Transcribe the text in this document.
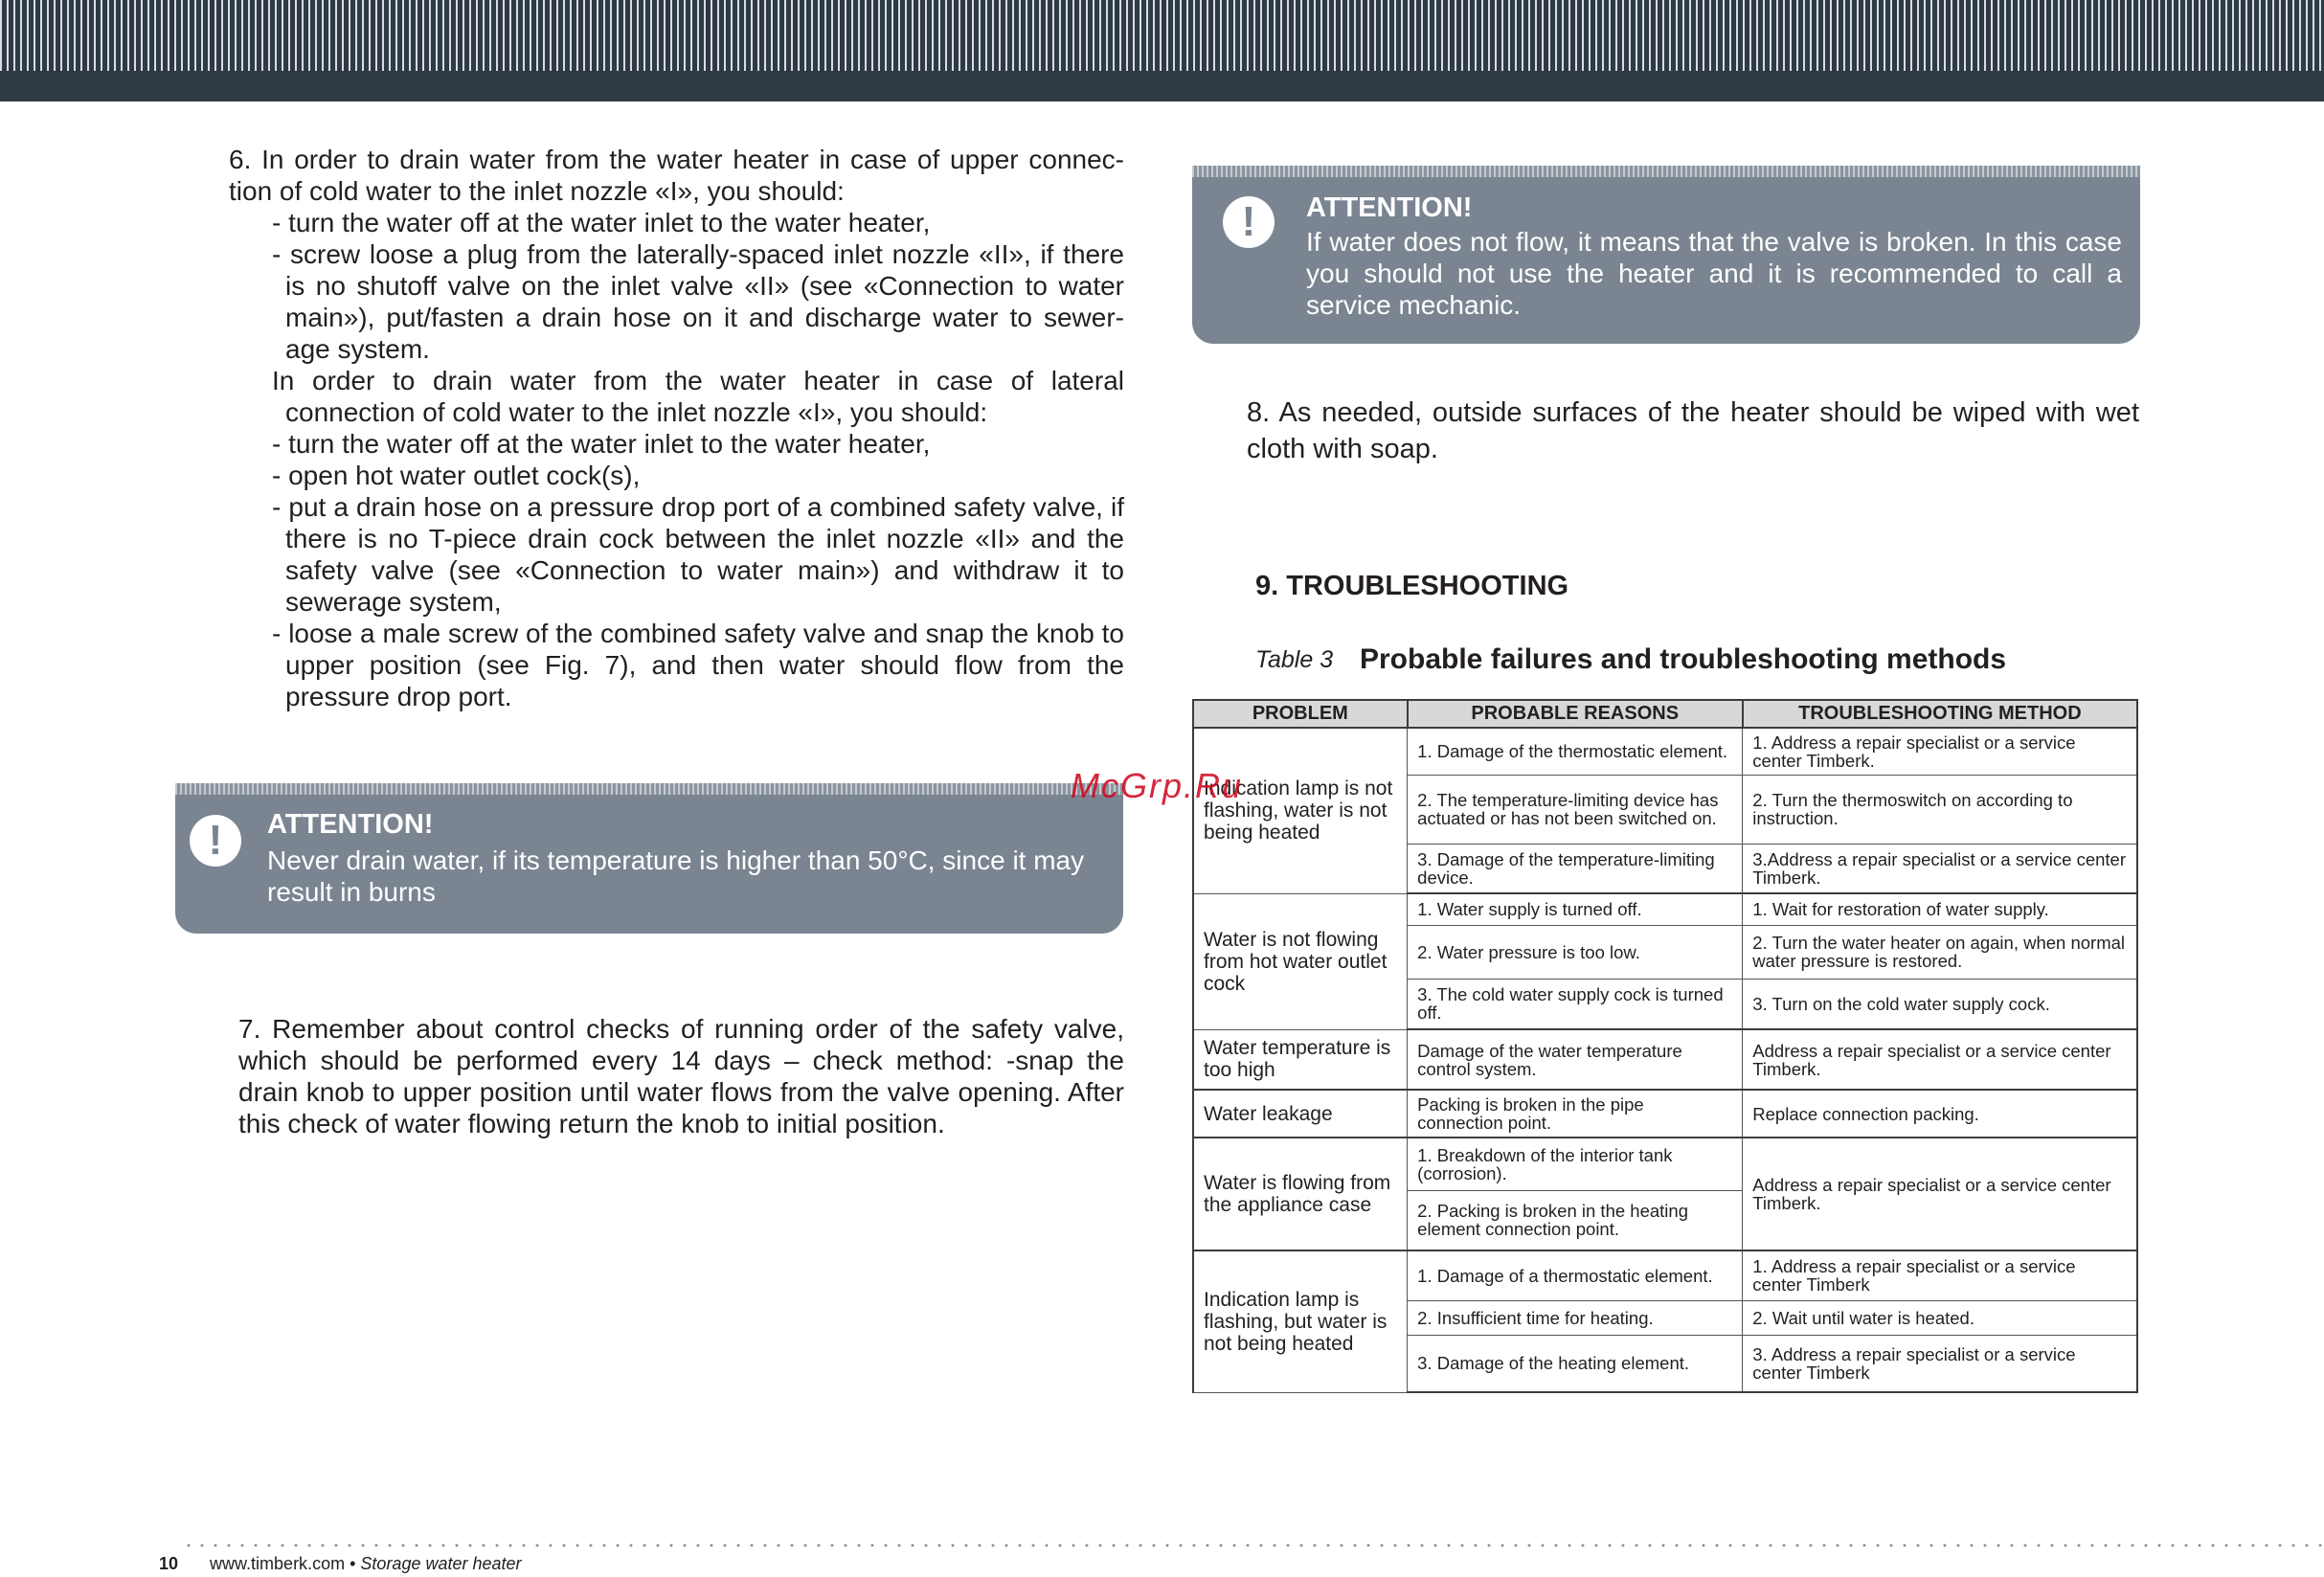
6. In order to drain water from the water heater in case of upper connec- tion of cold water to the inlet nozzle «I», you should:

- turn the water off at the water inlet to the water heater,

- screw loose a plug from the laterally-spaced inlet nozzle «II», if there is no shutoff valve on the inlet valve «II» (see «Connection to water main»), put/fasten a drain hose on it and discharge water to sewer- age system.

In order to drain water from the water heater in case of lateral connection of cold water to the inlet nozzle «I», you should:

- turn the water off at the water inlet to the water heater,

- open hot water outlet cock(s),

- put a drain hose on a pressure drop port of a combined safety valve, if there is no T-piece drain cock between the inlet nozzle «II» and the safety valve (see «Connection to water main») and withdraw it to sewerage system,

- loose a male screw of the combined safety valve and snap the knob to upper position (see Fig. 7), and then water should flow from the pressure drop port.

!	ATTENTION!
Never drain water, if its temperature is higher than 50°C, since it may result in burns

7. Remember about control checks of running order of the safety valve, which should be performed every 14 days – check method: -snap the drain knob to upper position until water flows from the valve opening. After this check of water flowing return the knob to initial position.

!	ATTENTION!
If water does not flow, it means that the valve is broken. In this case you should not use the heater and it is recommended to call a service mechanic.

8. As needed, outside surfaces of the heater should be wiped with wet cloth with soap.

9. TROUBLESHOOTING
Table 3 Probable failures and troubleshooting methods
PROBLEM	PROBABLE REASONS	TROUBLESHOOTING METHOD
Indication lamp is not flashing, water is not being heated	1. Damage of the thermostatic element.	1. Address a repair specialist or a service center Timberk.
	2. The temperature-limiting device has actuated or has not been switched on.	2. Turn the thermoswitch on according to instruction.
	3. Damage of the temperature-limiting device.	3.Address a repair specialist or a service center Timberk.
Water is not flowing from hot water outlet cock	1. Water supply is turned off.	1. Wait for restoration of water supply.
	2. Water pressure is too low.	2. Turn the water heater on again, when normal water pressure is restored.
	3. The cold water supply cock is turned off.	3. Turn on the cold water supply cock.
Water temperature is too high	Damage of the water temperature control system.	Address a repair specialist or a service center Timberk.
Water leakage	Packing is broken in the pipe connection point.	Replace connection packing.
Water is flowing from the appliance case	1. Breakdown of the interior tank (corrosion).	Address a repair specialist or a service center Timberk.
	2. Packing is broken in the heating element connection point.	
Indication lamp is flashing, but water is not being heated	1. Damage of a thermostatic element.	1. Address a repair specialist or a service center Timberk
	2. Insufficient time for heating.	2. Wait until water is heated.
	3. Damage of the heating element.	3. Address a repair specialist or a service center Timberk
McGrp.Ru
10 www.timberk.com • Storage water heater
